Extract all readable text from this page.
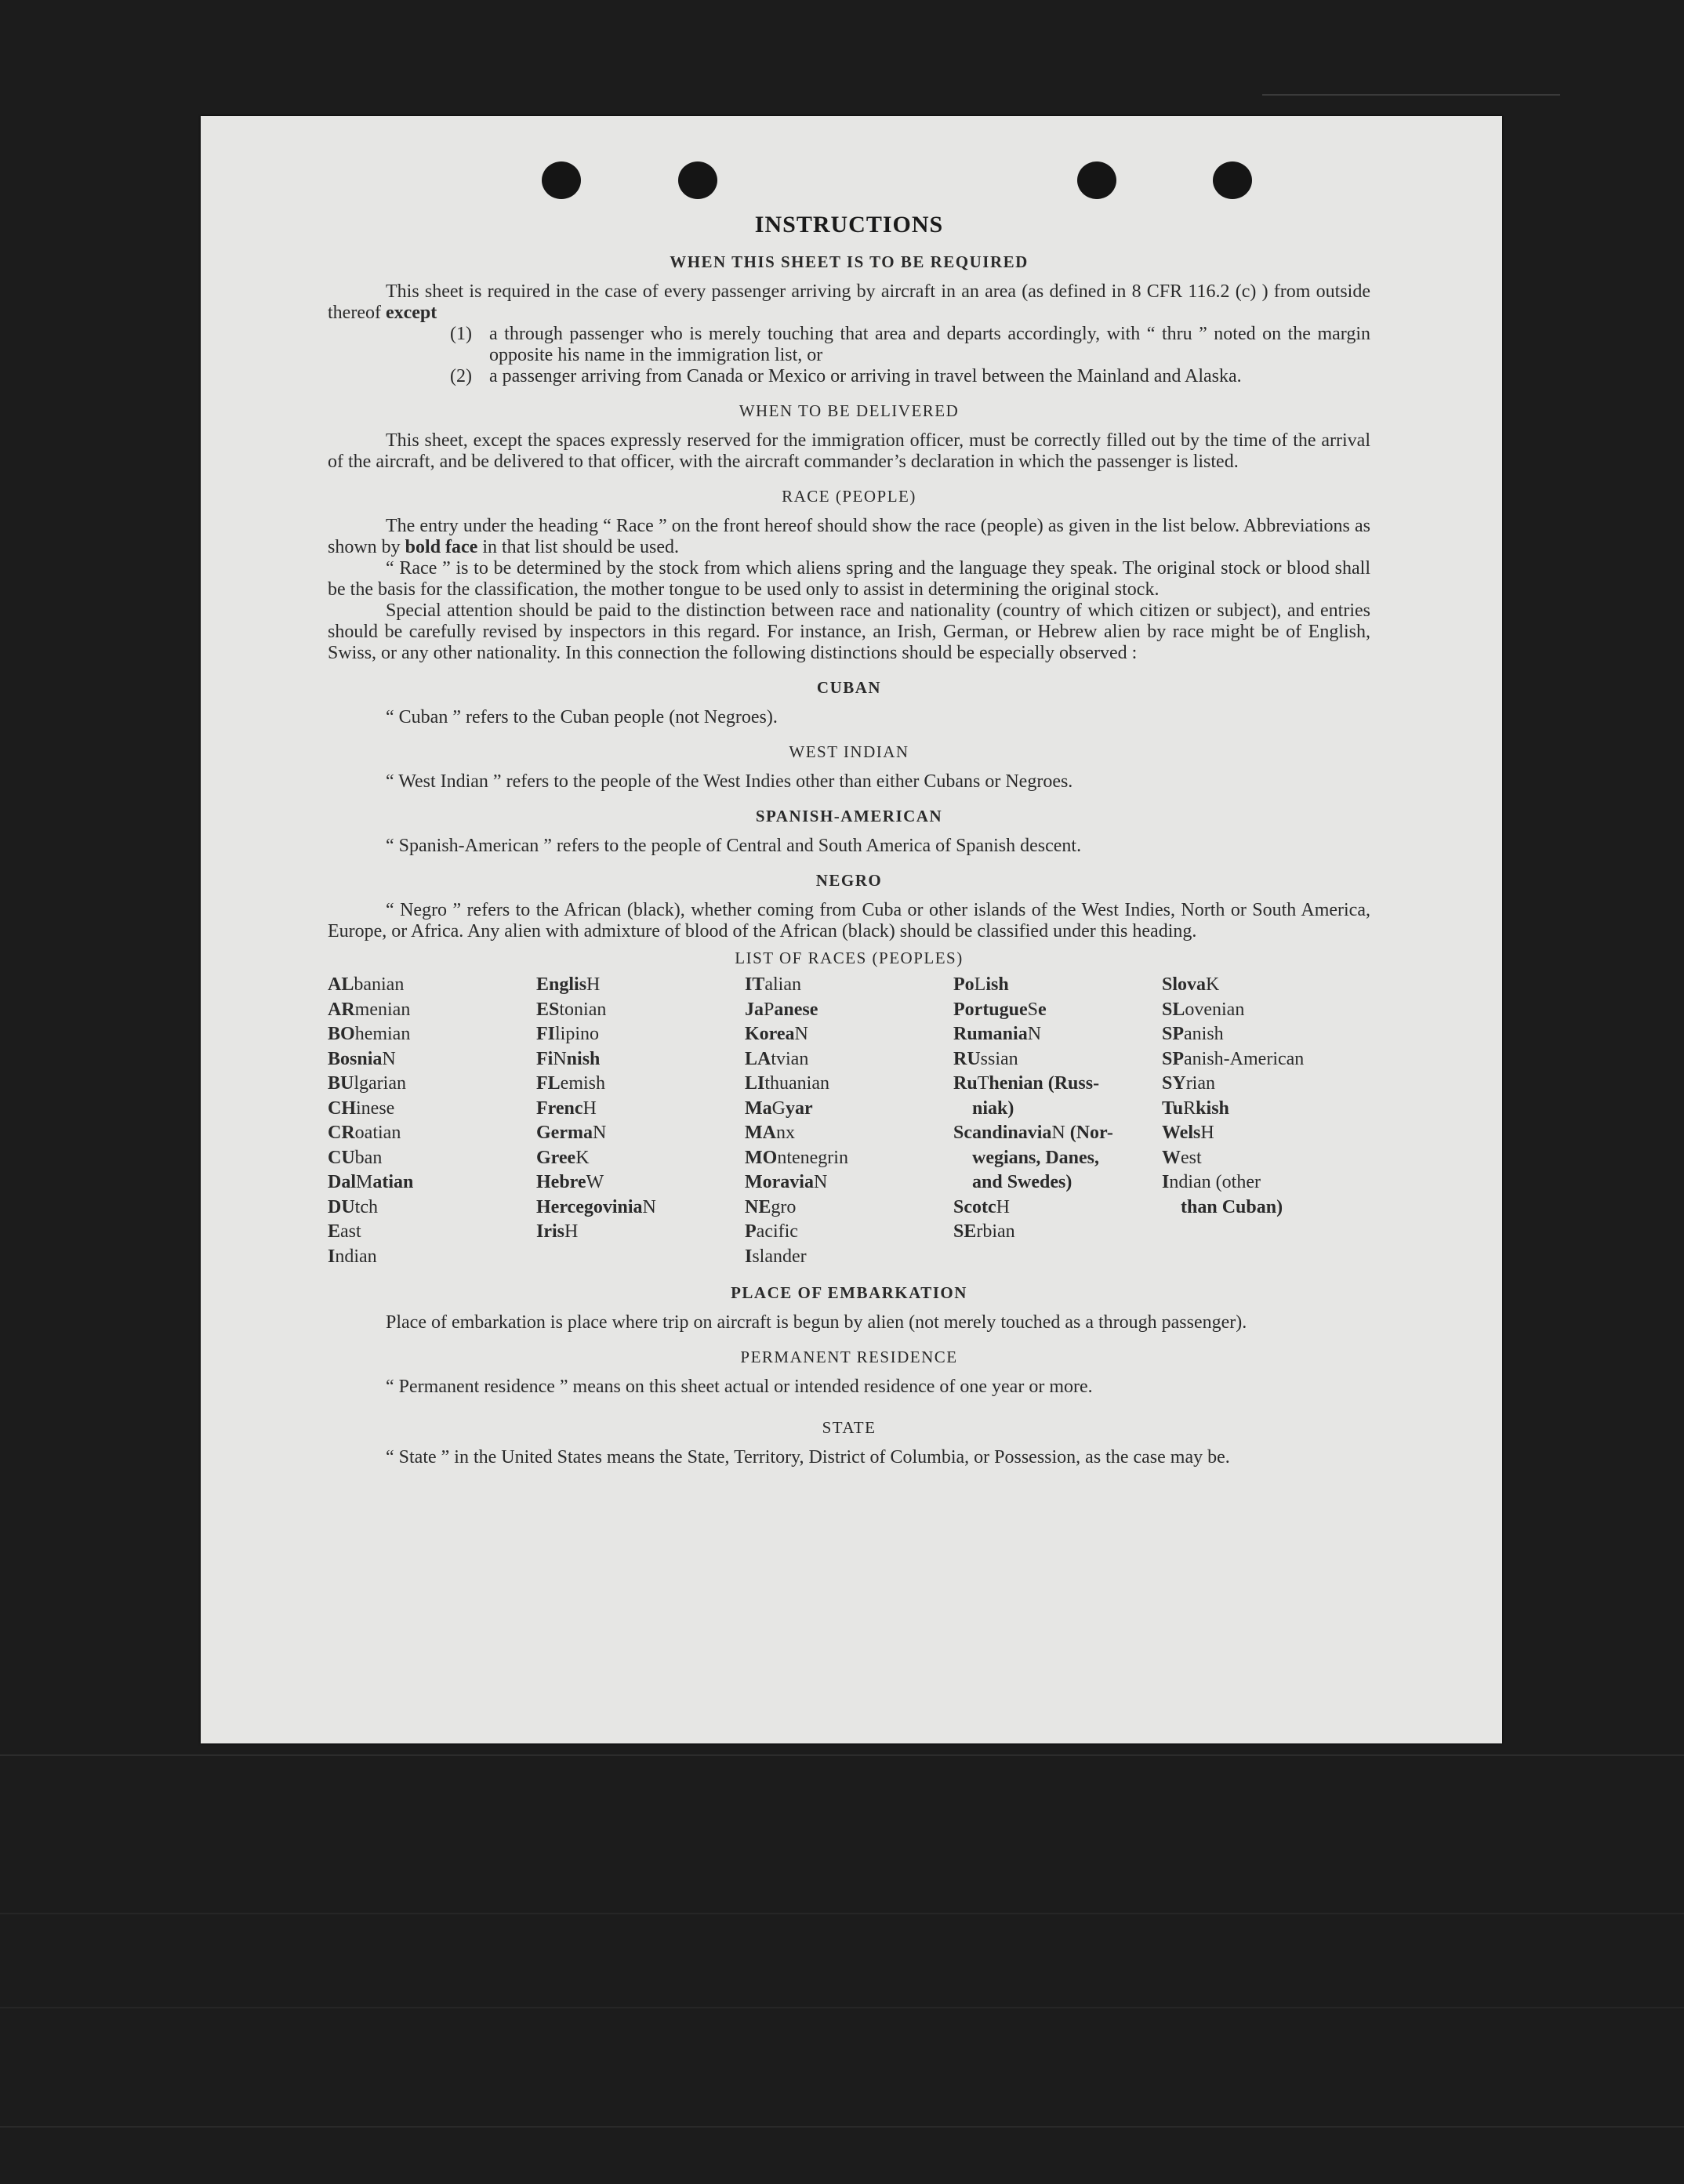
INSTRUCTIONS
WHEN THIS SHEET IS TO BE REQUIRED

This sheet is required in the case of every passenger arriving by aircraft in an area (as defined in 8 CFR 116.2 (c) ) from outside thereof except

(1) a through passenger who is merely touching that area and departs accordingly, with “ thru ” noted on the margin opposite his name in the immigration list, or
(2) a passenger arriving from Canada or Mexico or arriving in travel between the Mainland and Alaska.
WHEN TO BE DELIVERED

This sheet, except the spaces expressly reserved for the immigration officer, must be correctly filled out by the time of the arrival of the aircraft, and be delivered to that officer, with the aircraft commander’s declaration in which the passenger is listed.

RACE (PEOPLE)

The entry under the heading “ Race ” on the front hereof should show the race (people) as given in the list below. Abbreviations as shown by bold face in that list should be used.

“ Race ” is to be determined by the stock from which aliens spring and the language they speak. The original stock or blood shall be the basis for the classification, the mother tongue to be used only to assist in determining the original stock.

Special attention should be paid to the distinction between race and nationality (country of which citizen or subject), and entries should be carefully revised by inspectors in this regard. For instance, an Irish, German, or Hebrew alien by race might be of English, Swiss, or any other nationality. In this connection the following distinctions should be especially observed :

CUBAN

“ Cuban ” refers to the Cuban people (not Negroes).

WEST INDIAN

“ West Indian ” refers to the people of the West Indies other than either Cubans or Negroes.

SPANISH-AMERICAN

“ Spanish-American ” refers to the people of Central and South America of Spanish descent.

NEGRO

“ Negro ” refers to the African (black), whether coming from Cuba or other islands of the West Indies, North or South America, Europe, or Africa. Any alien with admixture of blood of the African (black) should be classified under this heading.

LIST OF RACES (PEOPLES)
ALbanian
ARmenian
BOhemian
BosniaN
BUlgarian
CHinese
CRoatian
CUban
DalMatian
DUtch
East
Indian
EnglisH
EStonian
FIlipino
FiNnish
FLemish
FrencH
GermaN
GreeK
HebreW
HercegoviniaN
IrisH
ITalian
JaPanese
KoreaN
LAtvian
LIthuanian
MaGyar
MAnx
MOntenegrin
MoraviaN
NEgro
Pacific
Islander
PoLish
PortugueSe
RumaniaN
RUssian
RuThenian (Russ-
niak)
ScandinaviaN (Nor-
wegians, Danes,
and Swedes)
ScotcH
SErbian
SlovaK
SLovenian
SPanish
SPanish-American
SYrian
TuRkish
WelsH
West
Indian (other
than Cuban)
PLACE OF EMBARKATION

Place of embarkation is place where trip on aircraft is begun by alien (not merely touched as a through passenger).

PERMANENT RESIDENCE

“ Permanent residence ” means on this sheet actual or intended residence of one year or more.

STATE

“ State ” in the United States means the State, Territory, District of Columbia, or Possession, as the case may be.
